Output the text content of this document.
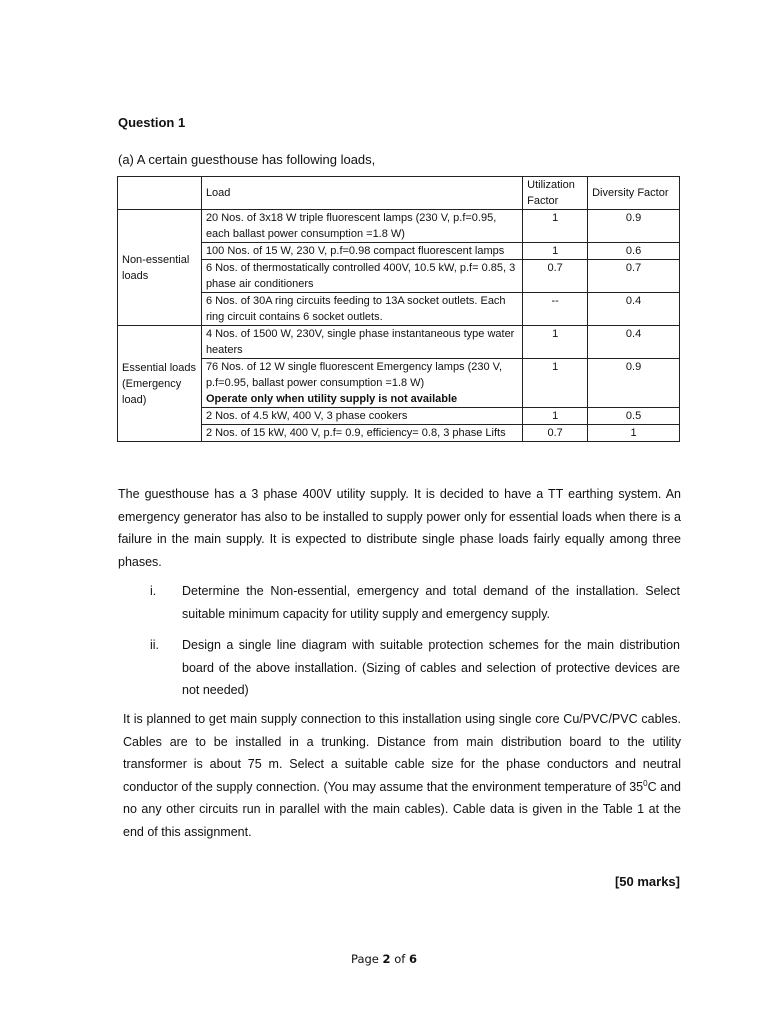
Question 1
(a) A certain guesthouse has following loads,
	Load	Utilization Factor	Diversity Factor
Non-essential loads	20 Nos. of 3x18 W triple fluorescent lamps (230 V, p.f=0.95, each ballast power consumption =1.8 W)	1	0.9
	100 Nos. of 15 W, 230 V, p.f=0.98 compact fluorescent lamps	1	0.6
	6 Nos. of thermostatically controlled 400V, 10.5 kW, p.f= 0.85, 3 phase air conditioners	0.7	0.7
	6 Nos. of 30A ring circuits feeding to 13A socket outlets. Each ring circuit contains 6 socket outlets.	--	0.4
Essential loads (Emergency load)	4 Nos. of 1500 W, 230V, single phase instantaneous type water heaters	1	0.4

	76 Nos. of 12 W single fluorescent Emergency lamps (230 V, p.f=0.95, ballast power consumption =1.8 W)
Operate only when utility supply is not available	1	0.9
	2 Nos. of 4.5 kW, 400 V, 3 phase cookers	1	0.5
	2 Nos. of 15 kW, 400 V, p.f= 0.9, efficiency= 0.8, 3 phase Lifts	0.7	1
The guesthouse has a 3 phase 400V utility supply. It is decided to have a TT earthing system. An emergency generator has also to be installed to supply power only for essential loads when there is a failure in the main supply. It is expected to distribute single phase loads fairly equally among three phases.
i. Determine the Non-essential, emergency and total demand of the installation. Select suitable minimum capacity for utility supply and emergency supply.
ii. Design a single line diagram with suitable protection schemes for the main distribution board of the above installation. (Sizing of cables and selection of protective devices are not needed)
It is planned to get main supply connection to this installation using single core Cu/PVC/PVC cables. Cables are to be installed in a trunking. Distance from main distribution board to the utility transformer is about 75 m. Select a suitable cable size for the phase conductors and neutral conductor of the supply connection. (You may assume that the environment temperature of $35^0C$ and no any other circuits run in parallel with the main cables). Cable data is given in the Table 1 at the end of this assignment.
[50 marks]
Page 2 of 6
